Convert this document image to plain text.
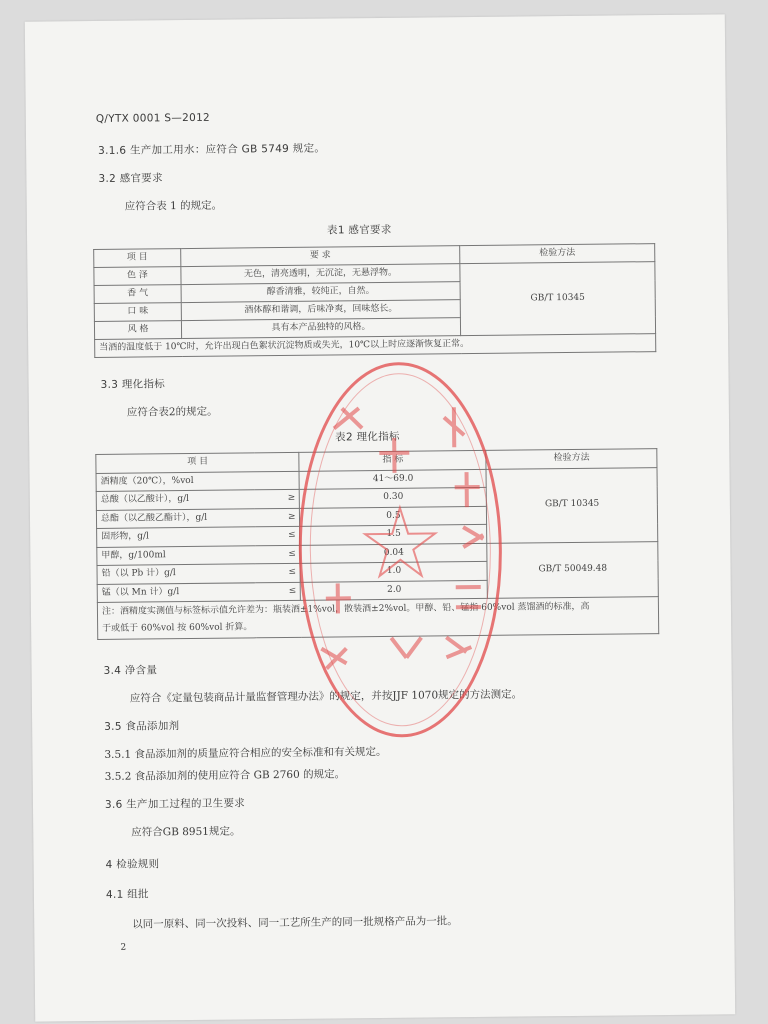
Q/YTX 0001 S—2012
3.1.6 生产加工用水：应符合 GB 5749 规定。
3.2 感官要求
应符合表 1 的规定。
表1 感官要求
项 目	要 求	检验方法
色 泽	无色，清亮透明，无沉淀，无悬浮物。	GB/T 10345
香 气	醇香清雅，较纯正，自然。	
口 味	酒体醇和谐调，后味净爽，回味悠长。	
风 格	具有本产品独特的风格。	
当酒的温度低于 10℃时，允许出现白色絮状沉淀物质或失光，10℃以上时应逐渐恢复正常。		
3.3 理化指标
应符合表2的规定。
表2 理化指标
项 目		指 标	检验方法
酒精度（20℃），%vol		41～69.0	GB/T 10345
总酸（以乙酸计），g/l	≥	0.30	
总酯（以乙酸乙酯计），g/l	≥	0.5	
固形物，g/l	≤	1.5	
甲醇，g/100ml	≤	0.04	GB/T 50049.48
铅（以 Pb 计）g/l	≤	1.0	
锰（以 Mn 计）g/l	≤	2.0	

注：酒精度实测值与标签标示值允许差为：瓶装酒±1%vol，散装酒±2%vol。甲醇、铅、锰指 60%vol 蒸馏酒的标准，高
于或低于 60%vol 按 60%vol 折算。			
3.4 净含量
应符合《定量包装商品计量监督管理办法》的规定，并按JJF 1070规定的方法测定。
3.5 食品添加剂
3.5.1 食品添加剂的质量应符合相应的安全标准和有关规定。
3.5.2 食品添加剂的使用应符合 GB 2760 的规定。
3.6 生产加工过程的卫生要求
应符合GB 8951规定。
4 检验规则
4.1 组批
以同一原料、同一次投料、同一工艺所生产的同一批规格产品为一批。
2
